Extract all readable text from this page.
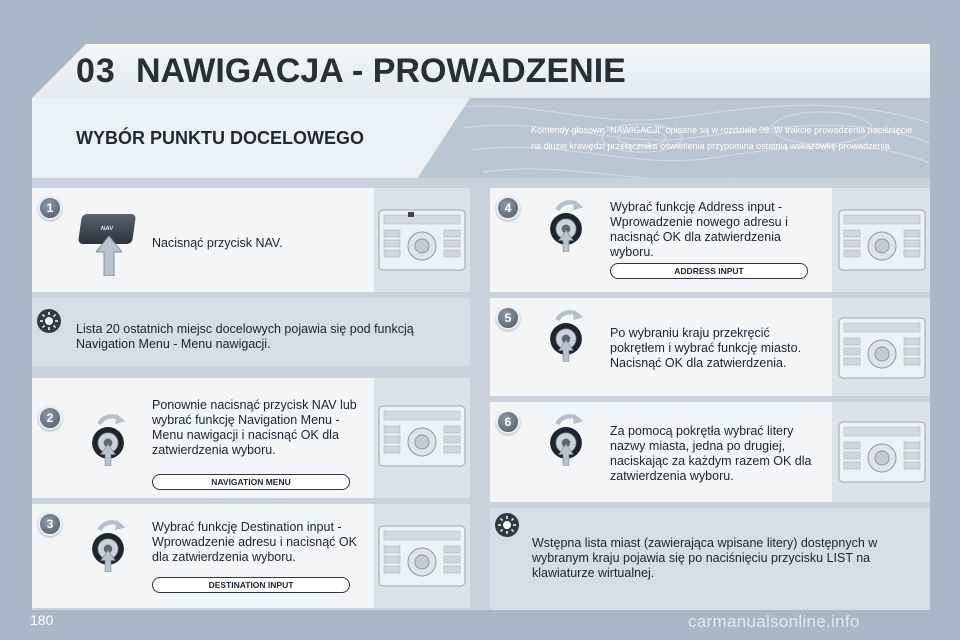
03 NAWIGACJA - PROWADZENIE
WYBÓR PUNKTU DOCELOWEGO	Komendy głosowe "NAWIGACJI" opisane są w rozdziale 09. W trakcie prowadzenia naciśnięcie na dłużej krawędzi przełącznika oświetlenia przypomina ostatnią wskazówkę prowadzenia.
1
NAV
Nacisnąć przycisk NAV.
Lista 20 ostatnich miejsc docelowych pojawia się pod funkcją Navigation Menu - Menu nawigacji.
2
Ponownie nacisnąć przycisk NAV lub wybrać funkcję Navigation Menu - Menu nawigacji i nacisnąć OK dla zatwierdzenia wyboru.
NAVIGATION MENU
3	Wybrać funkcję Destination input - Wprowadzenie adresu i nacisnąć OK dla zatwierdzenia wyboru.
DESTINATION INPUT
4	Wybrać funkcję Address input - Wprowadzenie nowego adresu i nacisnąć OK dla zatwierdzenia wyboru.
ADDRESS INPUT
5
Po wybraniu kraju przekręcić pokrętłem i wybrać funkcję miasto. Nacisnąć OK dla zatwierdzenia.
6
Za pomocą pokrętła wybrać litery nazwy miasta, jedna po drugiej, naciskając za każdym razem OK dla zatwierdzenia wyboru.
Wstępna lista miast (zawierająca wpisane litery) dostępnych w wybranym kraju pojawia się po naciśnięciu przycisku LIST na klawiaturze wirtualnej.
180	carmanualsonline.info
